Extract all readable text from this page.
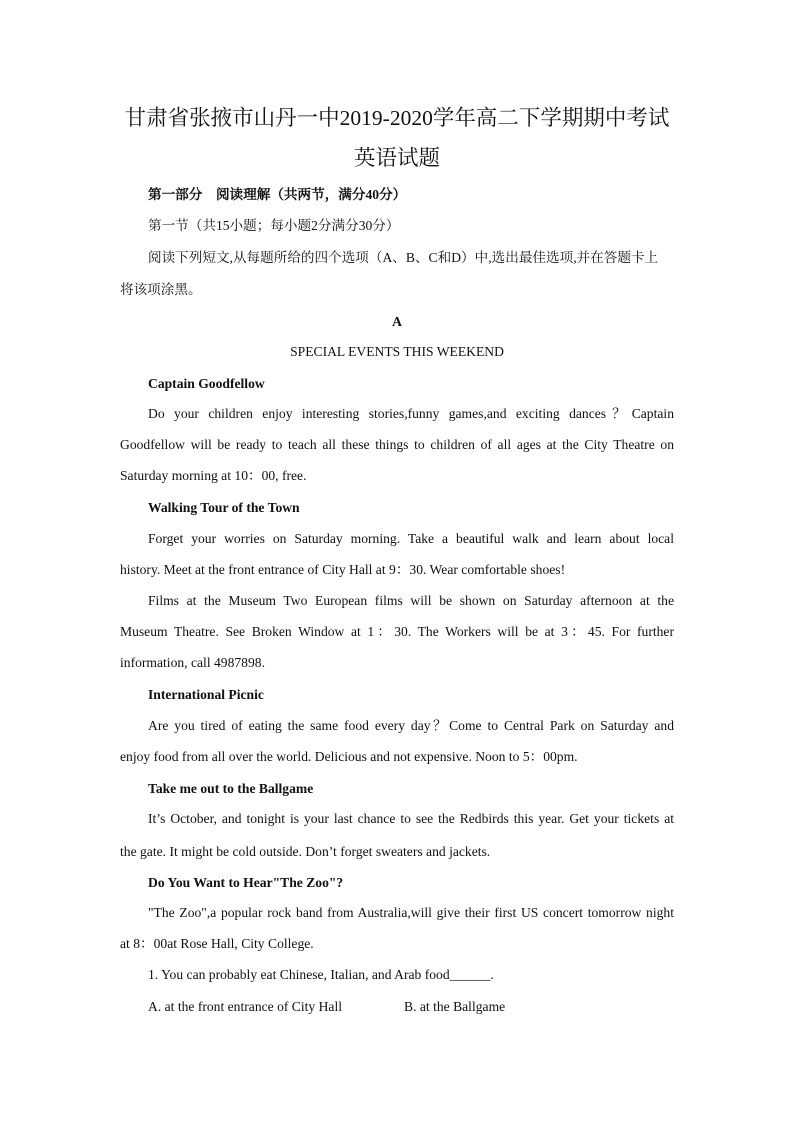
甘肃省张掖市山丹一中2019-2020学年高二下学期期中考试
英语试题
第一部分　阅读理解（共两节，满分40分）
第一节（共15小题；每小题2分满分30分）
阅读下列短文,从每题所给的四个选项（A、B、C和D）中,选出最佳选项,并在答题卡上
将该项涂黑。
A
SPECIAL EVENTS THIS WEEKEND
Captain Goodfellow
Do your children enjoy interesting stories,funny games,and exciting dances？Captain
Goodfellow will be ready to teach all these things to children of all ages at the City Theatre on
Saturday morning at 10：00, free.
Walking Tour of the Town
Forget your worries on Saturday morning. Take a beautiful walk and learn about local
history. Meet at the front entrance of City Hall at 9：30. Wear comfortable shoes!
Films at the Museum Two European films will be shown on Saturday afternoon at the
Museum Theatre. See Broken Window at 1：30. The Workers will be at 3：45. For further
information, call 4987898.
International Picnic
Are you tired of eating the same food every day？Come to Central Park on Saturday and
enjoy food from all over the world. Delicious and not expensive. Noon to 5：00pm.
Take me out to the Ballgame
It’s October, and tonight is your last chance to see the Redbirds this year. Get your tickets at
the gate. It might be cold outside. Don’t forget sweaters and jackets.
Do You Want to Hear"The Zoo"?
"The Zoo",a popular rock band from Australia,will give their first US concert tomorrow night
at 8：00at Rose Hall, City College.
1. You can probably eat Chinese, Italian, and Arab food______.
A. at the front entrance of City Hall	B. at the Ballgame
